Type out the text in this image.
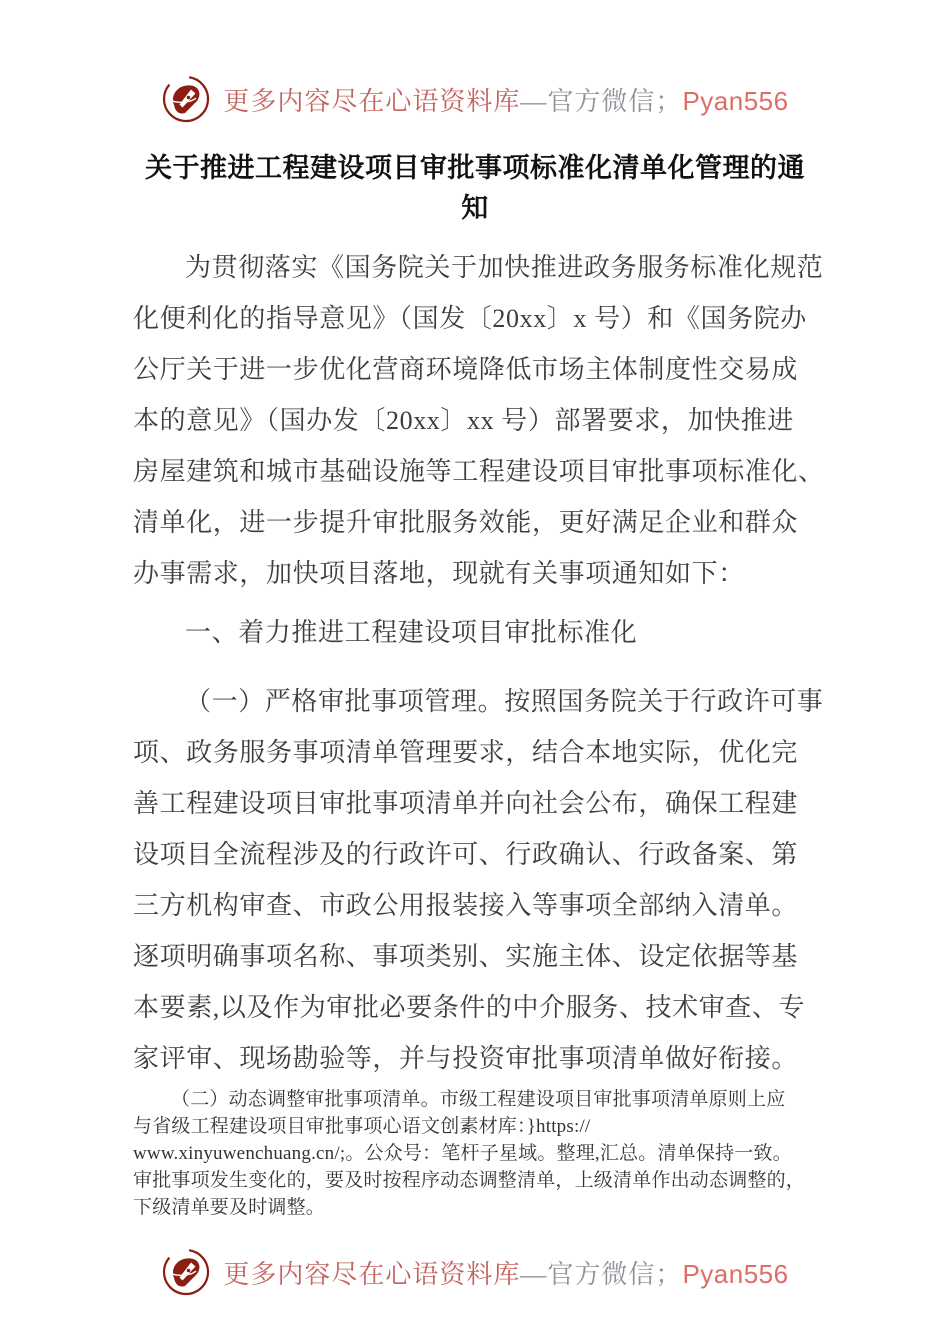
更多内容尽在心语资料库—官方微信；Pyan556
关于推进工程建设项目审批事项标准化清单化管理的通知
为贯彻落实《国务院关于加快推进政务服务标准化规范
化便利化的指导意见》（国发〔20xx〕x 号）和《国务院办
公厅关于进一步优化营商环境降低市场主体制度性交易成
本的意见》（国办发〔20xx〕xx 号）部署要求，加快推进
房屋建筑和城市基础设施等工程建设项目审批事项标准化、
清单化，进一步提升审批服务效能，更好满足企业和群众
办事需求，加快项目落地，现就有关事项通知如下：
一、着力推进工程建设项目审批标准化
（一）严格审批事项管理。按照国务院关于行政许可事
项、政务服务事项清单管理要求，结合本地实际，优化完
善工程建设项目审批事项清单并向社会公布，确保工程建
设项目全流程涉及的行政许可、行政确认、行政备案、第
三方机构审查、市政公用报装接入等事项全部纳入清单。
逐项明确事项名称、事项类别、实施主体、设定依据等基
本要素,以及作为审批必要条件的中介服务、技术审查、专
家评审、现场勘验等，并与投资审批事项清单做好衔接。
（二）动态调整审批事项清单。市级工程建设项目审批事项清单原则上应
与省级工程建设项目审批事项心语文创素材库：}https://
www.xinyuwenchuang.cn/;。公众号：笔杆子星域。整理,汇总。清单保持一致。
审批事项发生变化的，要及时按程序动态调整清单，上级清单作出动态调整的，
下级清单要及时调整。
更多内容尽在心语资料库—官方微信；Pyan556
